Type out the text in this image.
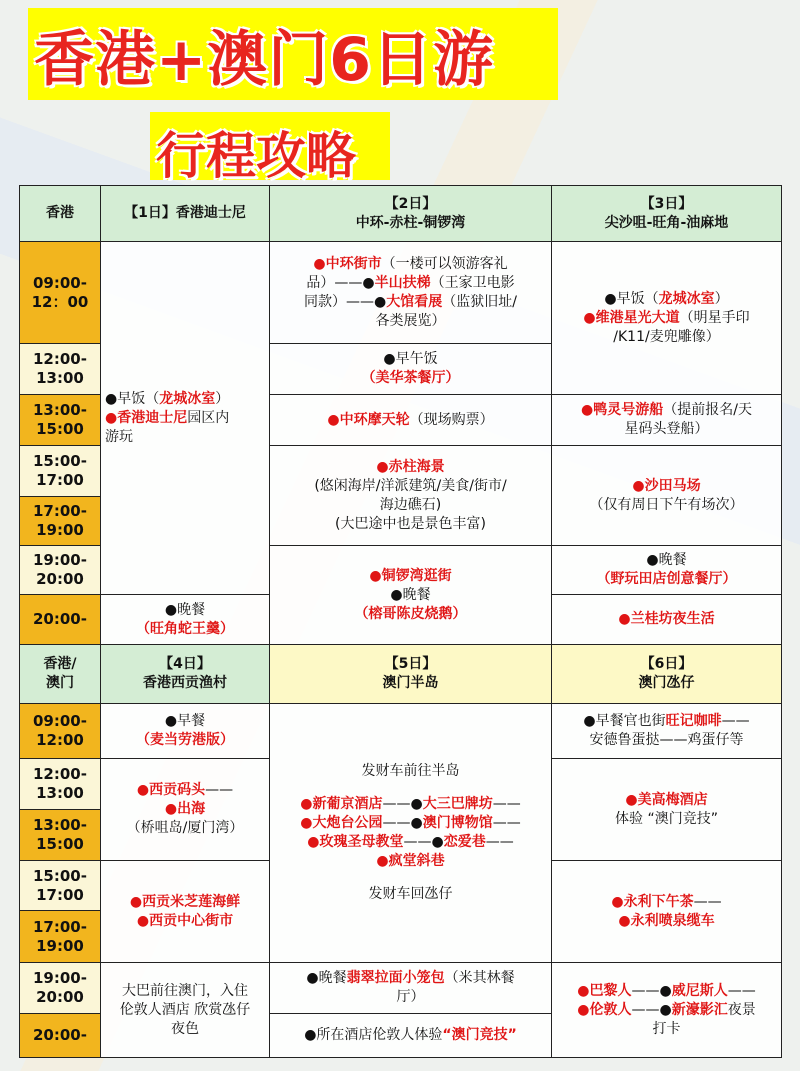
香港+澳门6日游
行程攻略
香港	【1日】香港迪士尼
【2日】
中环-赤柱-铜锣湾
【3日】
尖沙咀-旺角-油麻地
09:00-
12：00
12:00-
13:00
13:00-
15:00
15:00-
17:00
17:00-
19:00
19:00-
20:00
20:00-
●早饭（龙城冰室）
●香港迪士尼园区内
游玩
●晚餐
（旺角蛇王羹）
●中环街市（一楼可以领游客礼
品）——●半山扶梯（王家卫电影
同款）——●大馆看展（监狱旧址/
各类展览）
●早午饭
（美华茶餐厅）
●中环摩天轮（现场购票）
●赤柱海景
(悠闲海岸/洋派建筑/美食/街市/
海边礁石)
(大巴途中也是景色丰富)
●铜锣湾逛街
●晚餐
（榕哥陈皮烧鹅）
●早饭（龙城冰室）
●维港星光大道（明星手印
/K11/麦兜雕像）
●鸭灵号游船（提前报名/天
星码头登船）
●沙田马场
（仅有周日下午有场次）
●晚餐
（野玩田店创意餐厅）
●兰桂坊夜生活
香港/
澳门
【4日】
香港西贡渔村
【5日】
澳门半岛
【6日】
澳门氹仔
09:00-
12:00
12:00-
13:00
13:00-
15:00
15:00-
17:00
17:00-
19:00
19:00-
20:00
20:00-
●早餐
（麦当劳港版）
●西贡码头——
●出海
（桥咀岛/厦门湾）
●西贡米芝莲海鲜
●西贡中心街市
大巴前往澳门，入住
伦敦人酒店 欣赏氹仔
夜色
发财车前往半岛
●新葡京酒店——●大三巴牌坊——
●大炮台公园——●澳门博物馆——
●玫瑰圣母教堂——●恋爱巷——
●疯堂斜巷
发财车回氹仔
●晚餐翡翠拉面小笼包（米其林餐
厅）
●所在酒店伦敦人体验“澳门竞技”
●早餐官也街旺记咖啡——
安德鲁蛋挞——鸡蛋仔等
●美高梅酒店
体验 “澳门竞技”
●永利下午茶——
●永利喷泉缆车
●巴黎人——●威尼斯人——
●伦敦人——●新濠影汇夜景
打卡
